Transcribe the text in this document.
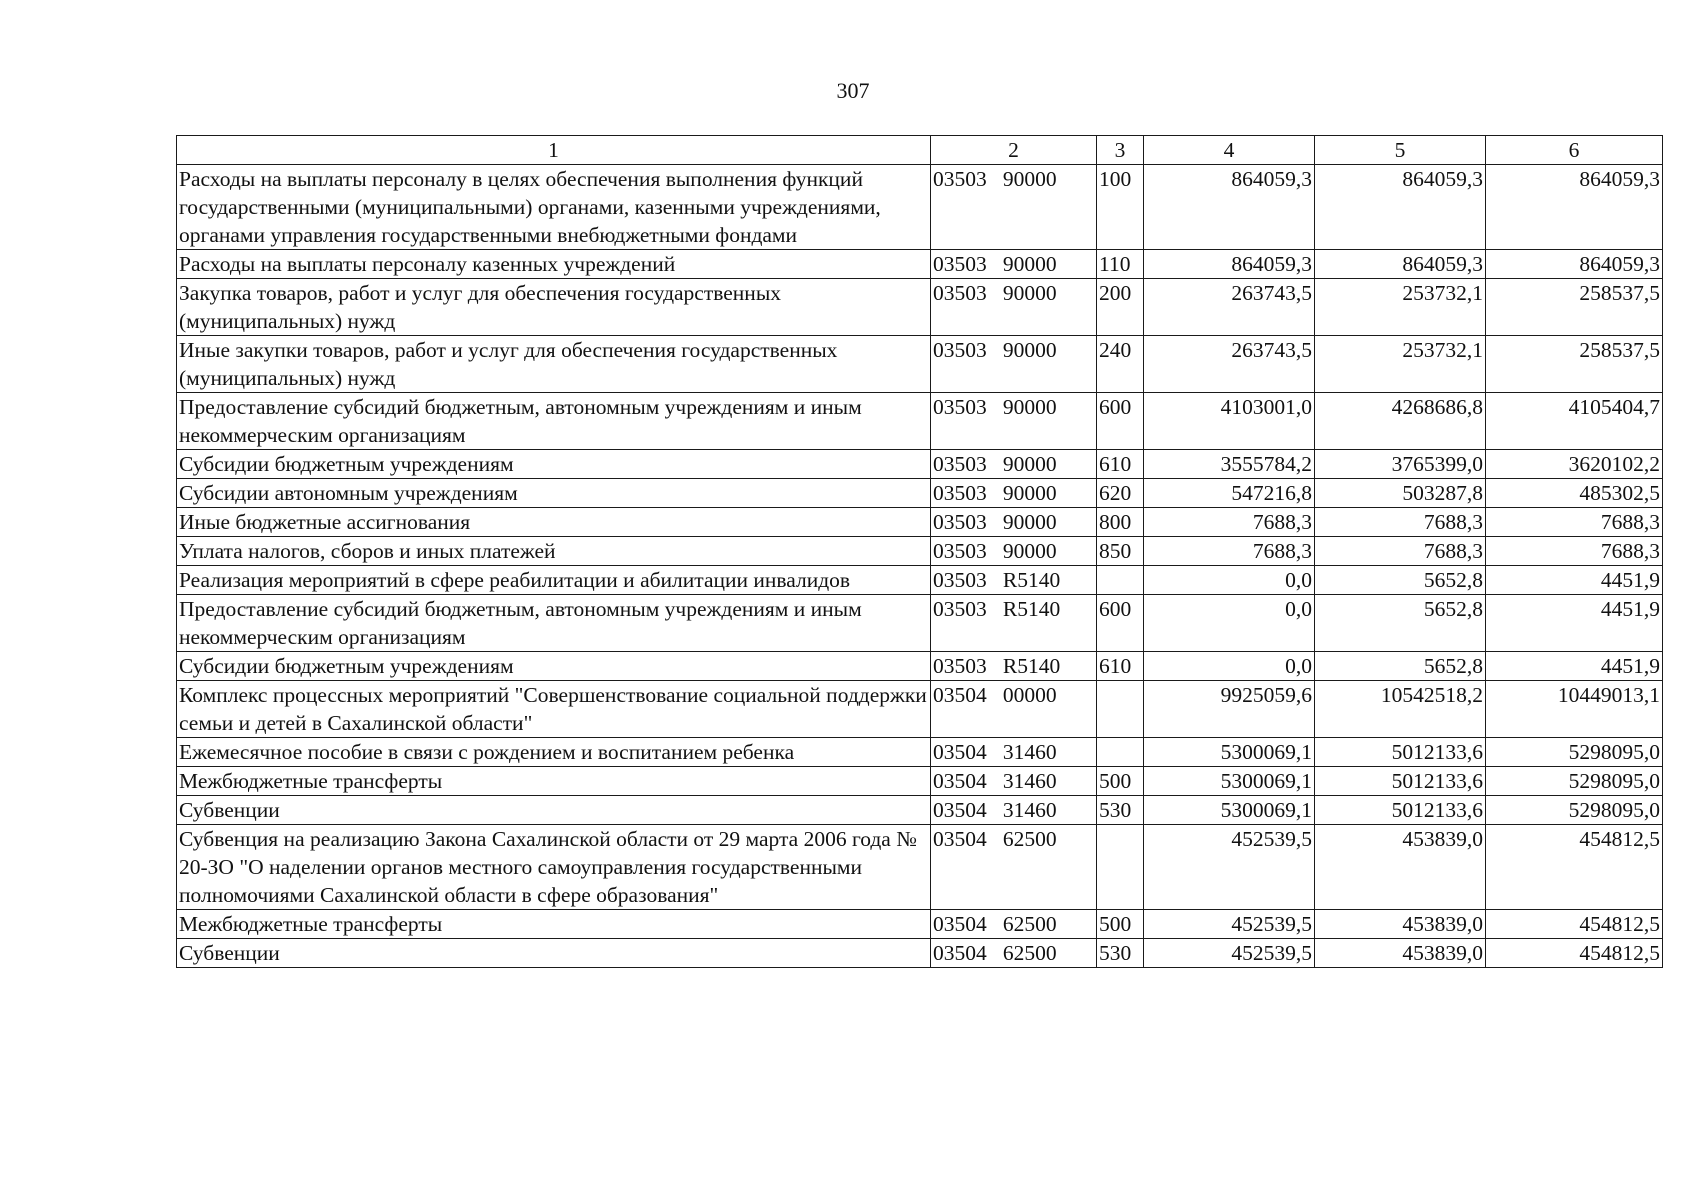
307
1	2	3	4	5	6
Расходы на выплаты персоналу в целях обеспечения выполнения функций государственными (муниципальными) органами, казенными учреждениями, органами управления государственными внебюджетными фондами	03503   90000	100	864059,3	864059,3	864059,3
Расходы на выплаты персоналу казенных учреждений	03503   90000	110	864059,3	864059,3	864059,3
Закупка товаров, работ и услуг для обеспечения государственных (муниципальных) нужд	03503   90000	200	263743,5	253732,1	258537,5
Иные закупки товаров, работ и услуг для обеспечения государственных (муниципальных) нужд	03503   90000	240	263743,5	253732,1	258537,5
Предоставление субсидий бюджетным, автономным учреждениям и иным некоммерческим организациям	03503   90000	600	4103001,0	4268686,8	4105404,7
Субсидии бюджетным учреждениям	03503   90000	610	3555784,2	3765399,0	3620102,2
Субсидии автономным учреждениям	03503   90000	620	547216,8	503287,8	485302,5
Иные бюджетные ассигнования	03503   90000	800	7688,3	7688,3	7688,3
Уплата налогов, сборов и иных платежей	03503   90000	850	7688,3	7688,3	7688,3
Реализация мероприятий в сфере реабилитации и абилитации инвалидов	03503   R5140		0,0	5652,8	4451,9
Предоставление субсидий бюджетным, автономным учреждениям и иным некоммерческим организациям	03503   R5140	600	0,0	5652,8	4451,9
Субсидии бюджетным учреждениям	03503   R5140	610	0,0	5652,8	4451,9
Комплекс процессных мероприятий "Совершенствование социальной поддержки семьи и детей в Сахалинской области"	03504   00000		9925059,6	10542518,2	10449013,1
Ежемесячное пособие в связи с рождением и воспитанием ребенка	03504   31460		5300069,1	5012133,6	5298095,0
Межбюджетные трансферты	03504   31460	500	5300069,1	5012133,6	5298095,0
Субвенции	03504   31460	530	5300069,1	5012133,6	5298095,0
Субвенция на реализацию Закона Сахалинской области от 29 марта 2006 года № 20-ЗО "О наделении органов местного самоуправления государственными полномочиями Сахалинской области в сфере образования"	03504   62500		452539,5	453839,0	454812,5
Межбюджетные трансферты	03504   62500	500	452539,5	453839,0	454812,5
Субвенции	03504   62500	530	452539,5	453839,0	454812,5
